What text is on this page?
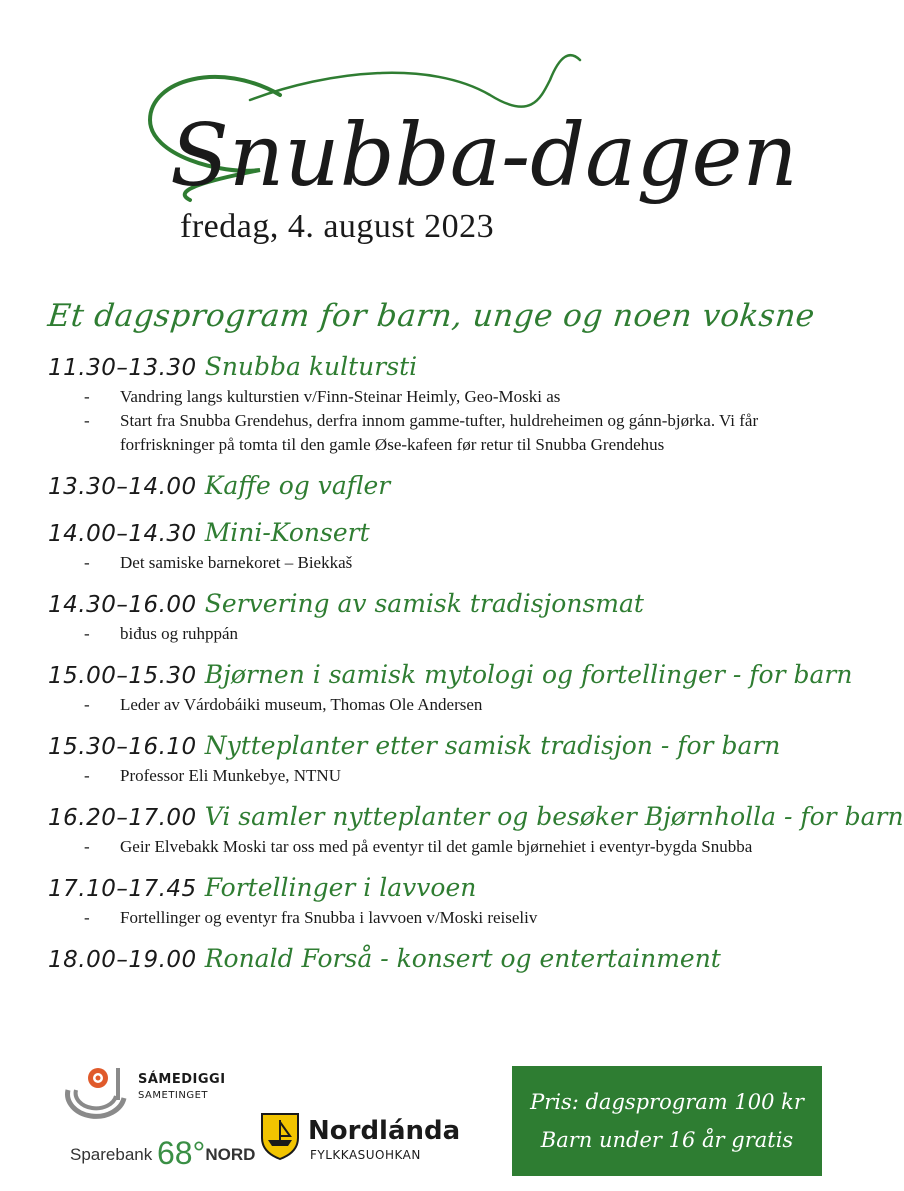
Snubba-dagen
fredag, 4. august 2023
Et dagsprogram for barn, unge og noen voksne
11.30–13.30 Snubba kultursti
- Vandring langs kulturstien v/Finn-Steinar Heimly, Geo-Moski as
- Start fra Snubba Grendehus, derfra innom gamme-tufter, huldreheimen og gánn-bjørka. Vi får forfriskninger på tomta til den gamle Øse-kafeen før retur til Snubba Grendehus
13.30–14.00 Kaffe og vafler
14.00–14.30 Mini-Konsert
- Det samiske barnekoret – Biekkaš
14.30–16.00 Servering av samisk tradisjonsmat
- biđus og ruhppán
15.00–15.30 Bjørnen i samisk mytologi og fortellinger - for barn
- Leder av Várdobáiki museum, Thomas Ole Andersen
15.30–16.10 Nytteplanter etter samisk tradisjon - for barn
- Professor Eli Munkebye, NTNU
16.20–17.00 Vi samler nytteplanter og besøker Bjørnholla - for barn
- Geir Elvebakk Moski tar oss med på eventyr til det gamle bjørnehiet i eventyr-bygda Snubba
17.10–17.45 Fortellinger i lavvoen
- Fortellinger og eventyr fra Snubba i lavvoen v/Moski reiseliv
18.00–19.00 Ronald Forså - konsert og entertainment
SÁMEDIGGI
SAMETINGET
Sparebank 68°NORD
Nordlánda
FYLKKASUOHKAN
Pris: dagsprogram 100 kr
Barn under 16 år gratis
